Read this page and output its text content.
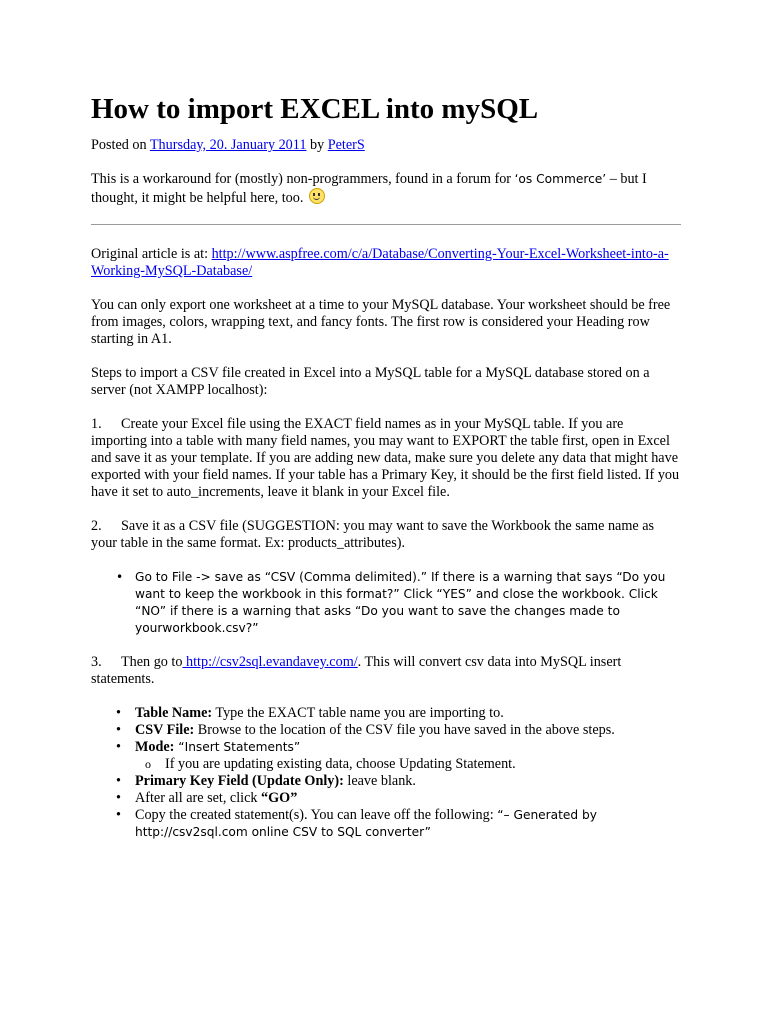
How to import EXCEL into mySQL

Posted on Thursday, 20. January 2011 by PeterS

This is a workaround for (mostly) non-programmers, found in a forum for ‘os Commerce’ – but I thought, it might be helpful here, too.

Original article is at: http://www.aspfree.com/c/a/Database/Converting-Your-Excel-Worksheet-into-a-Working-MySQL-Database/

You can only export one worksheet at a time to your MySQL database. Your worksheet should be free from images, colors, wrapping text, and fancy fonts. The first row is considered your Heading row starting in A1.

Steps to import a CSV file created in Excel into a MySQL table for a MySQL database stored on a server (not XAMPP localhost):

1. Create your Excel file using the EXACT field names as in your MySQL table. If you are importing into a table with many field names, you may want to EXPORT the table first, open in Excel and save it as your template. If you are adding new data, make sure you delete any data that might have exported with your field names. If your table has a Primary Key, it should be the first field listed. If you have it set to auto_increments, leave it blank in your Excel file.

2. Save it as a CSV file (SUGGESTION: you may want to save the Workbook the same name as your table in the same format. Ex: products_attributes).

• Go to File -> save as “CSV (Comma delimited).” If there is a warning that says “Do you want to keep the workbook in this format?” Click “YES” and close the workbook. Click “NO” if there is a warning that asks “Do you want to save the changes made to yourworkbook.csv?”

3. Then go to http://csv2sql.evandavey.com/. This will convert csv data into MySQL insert statements.

• Table Name: Type the EXACT table name you are importing to.
• CSV File: Browse to the location of the CSV file you have saved in the above steps.
• Mode: “Insert Statements”
o If you are updating existing data, choose Updating Statement.
• Primary Key Field (Update Only): leave blank.
• After all are set, click “GO”
• Copy the created statement(s). You can leave off the following: “– Generated by http://csv2sql.com online CSV to SQL converter”
